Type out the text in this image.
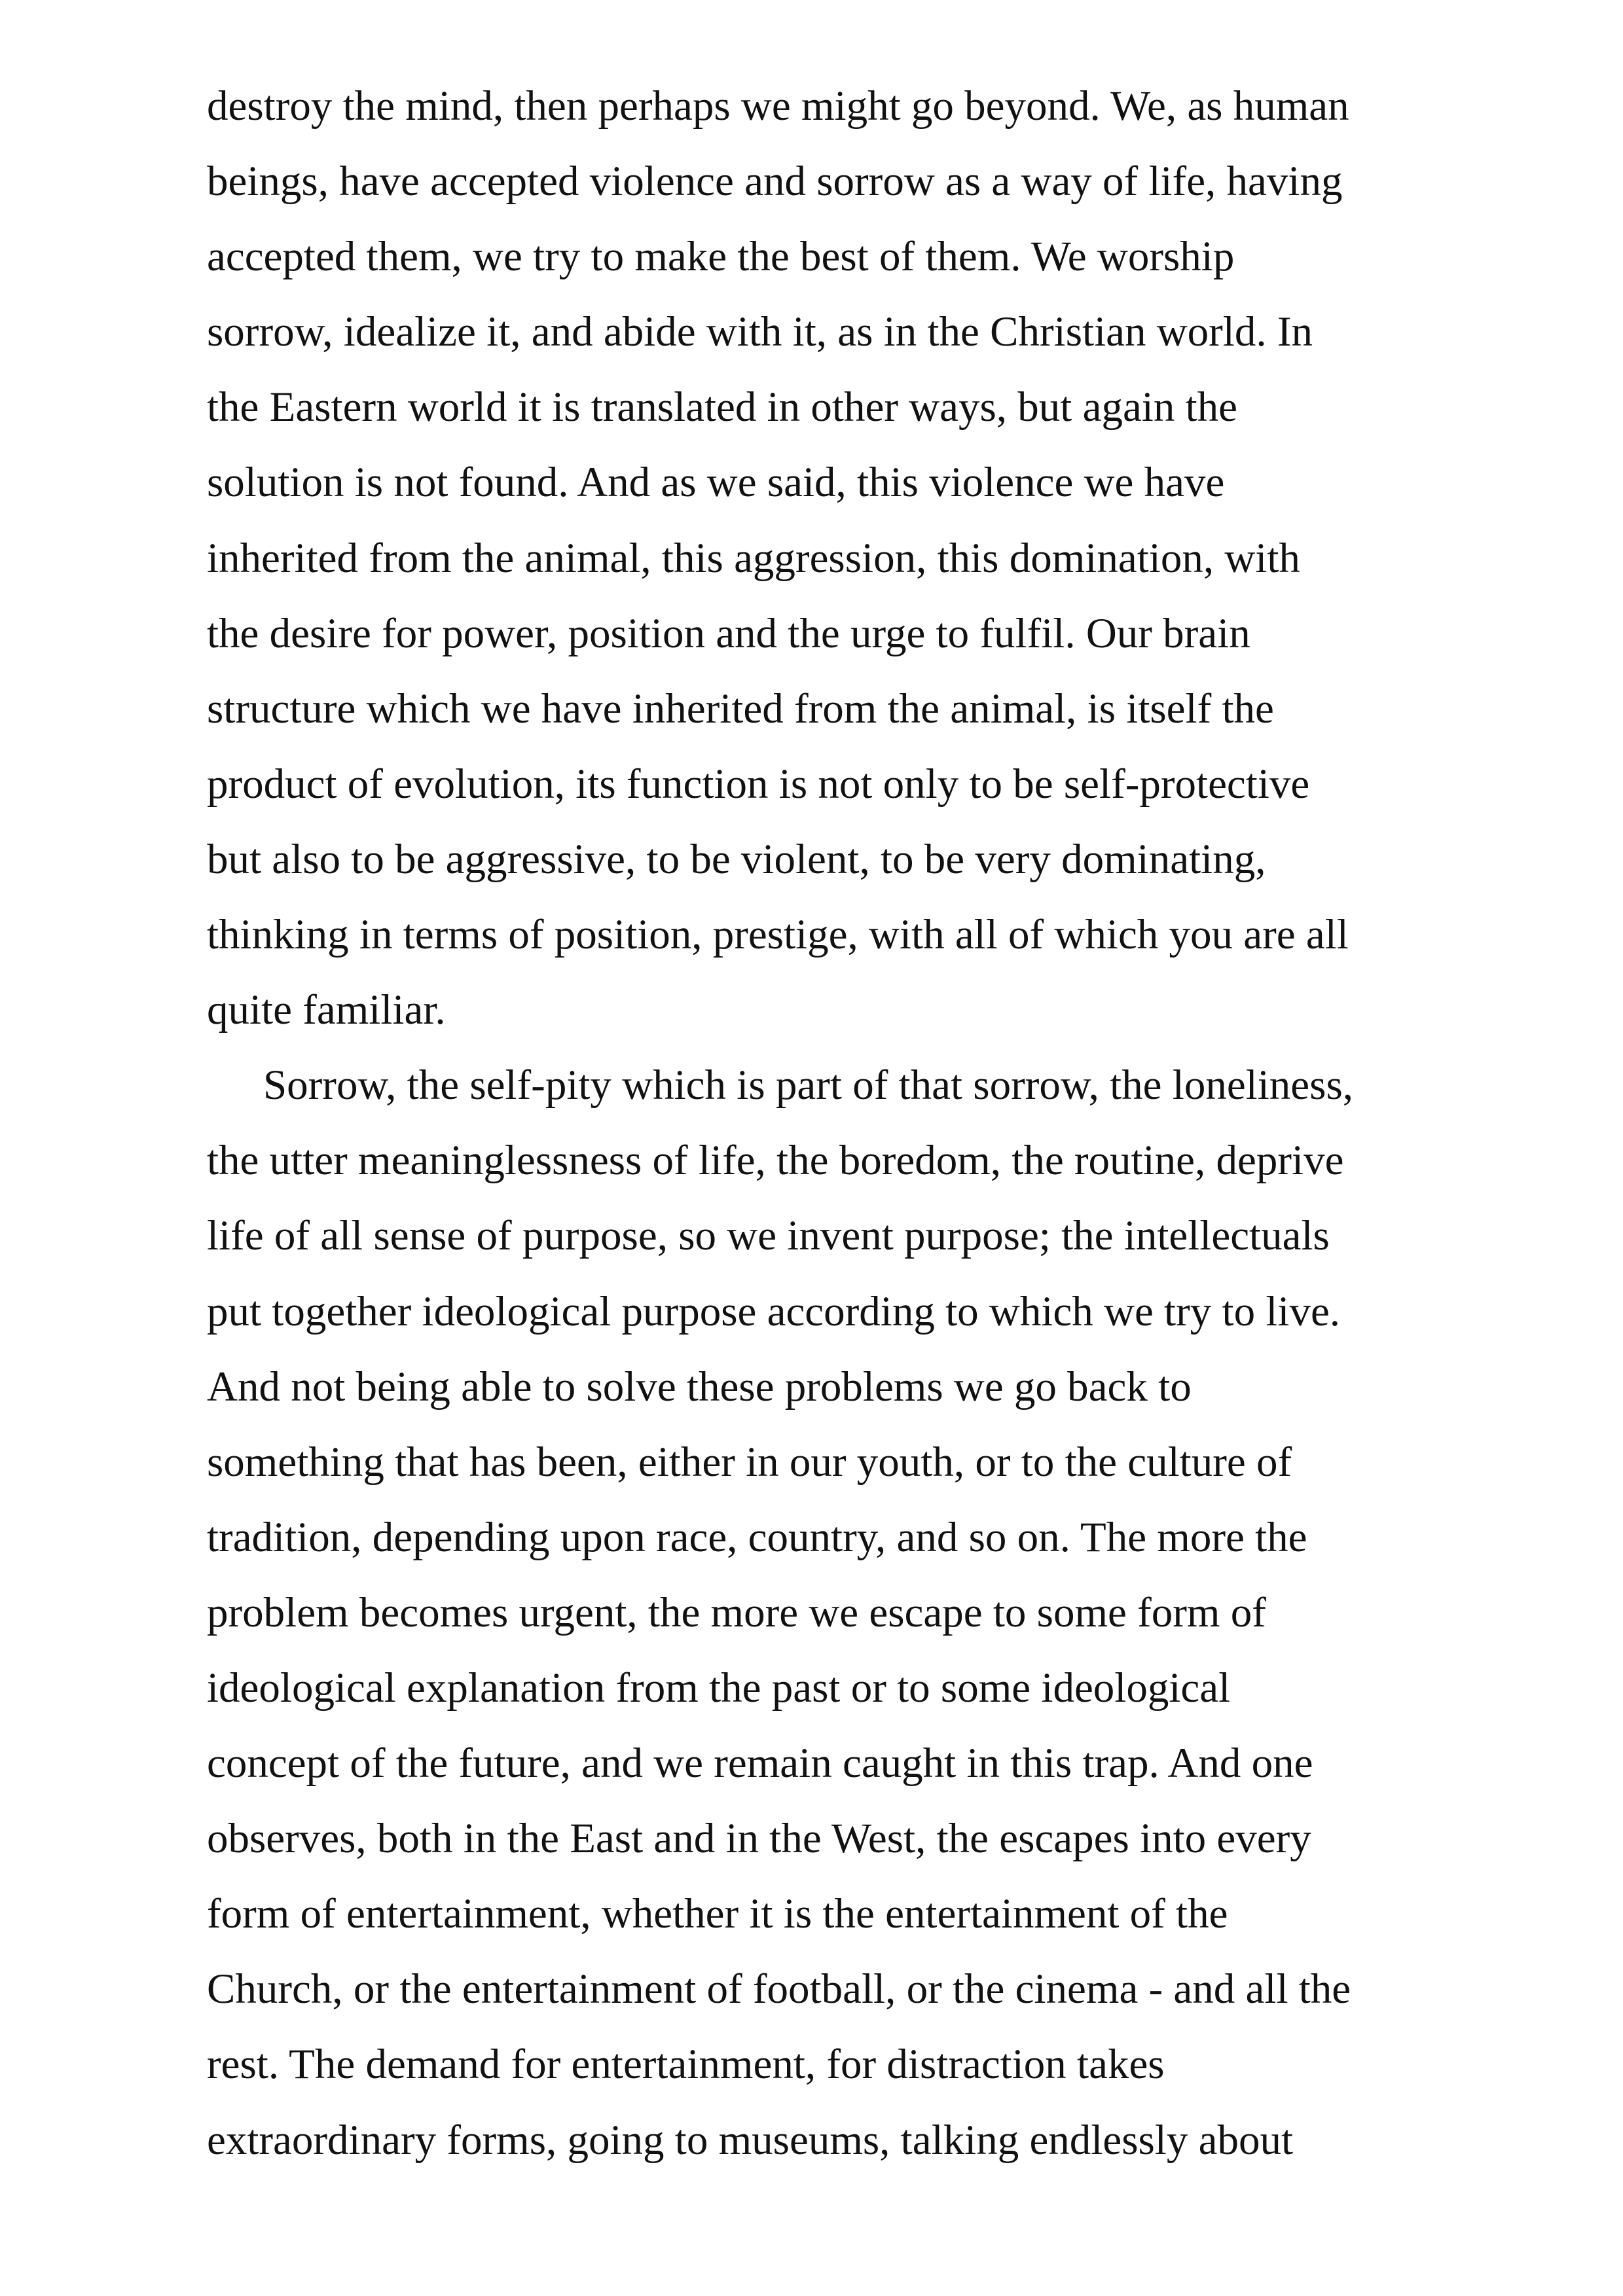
destroy the mind, then perhaps we might go beyond. We, as human
beings, have accepted violence and sorrow as a way of life, having
accepted them, we try to make the best of them. We worship
sorrow, idealize it, and abide with it, as in the Christian world. In
the Eastern world it is translated in other ways, but again the
solution is not found. And as we said, this violence we have
inherited from the animal, this aggression, this domination, with
the desire for power, position and the urge to fulfil. Our brain
structure which we have inherited from the animal, is itself the
product of evolution, its function is not only to be self-protective
but also to be aggressive, to be violent, to be very dominating,
thinking in terms of position, prestige, with all of which you are all
quite familiar.
Sorrow, the self-pity which is part of that sorrow, the loneliness,
the utter meaninglessness of life, the boredom, the routine, deprive
life of all sense of purpose, so we invent purpose; the intellectuals
put together ideological purpose according to which we try to live.
And not being able to solve these problems we go back to
something that has been, either in our youth, or to the culture of
tradition, depending upon race, country, and so on. The more the
problem becomes urgent, the more we escape to some form of
ideological explanation from the past or to some ideological
concept of the future, and we remain caught in this trap. And one
observes, both in the East and in the West, the escapes into every
form of entertainment, whether it is the entertainment of the
Church, or the entertainment of football, or the cinema - and all the
rest. The demand for entertainment, for distraction takes
extraordinary forms, going to museums, talking endlessly about
